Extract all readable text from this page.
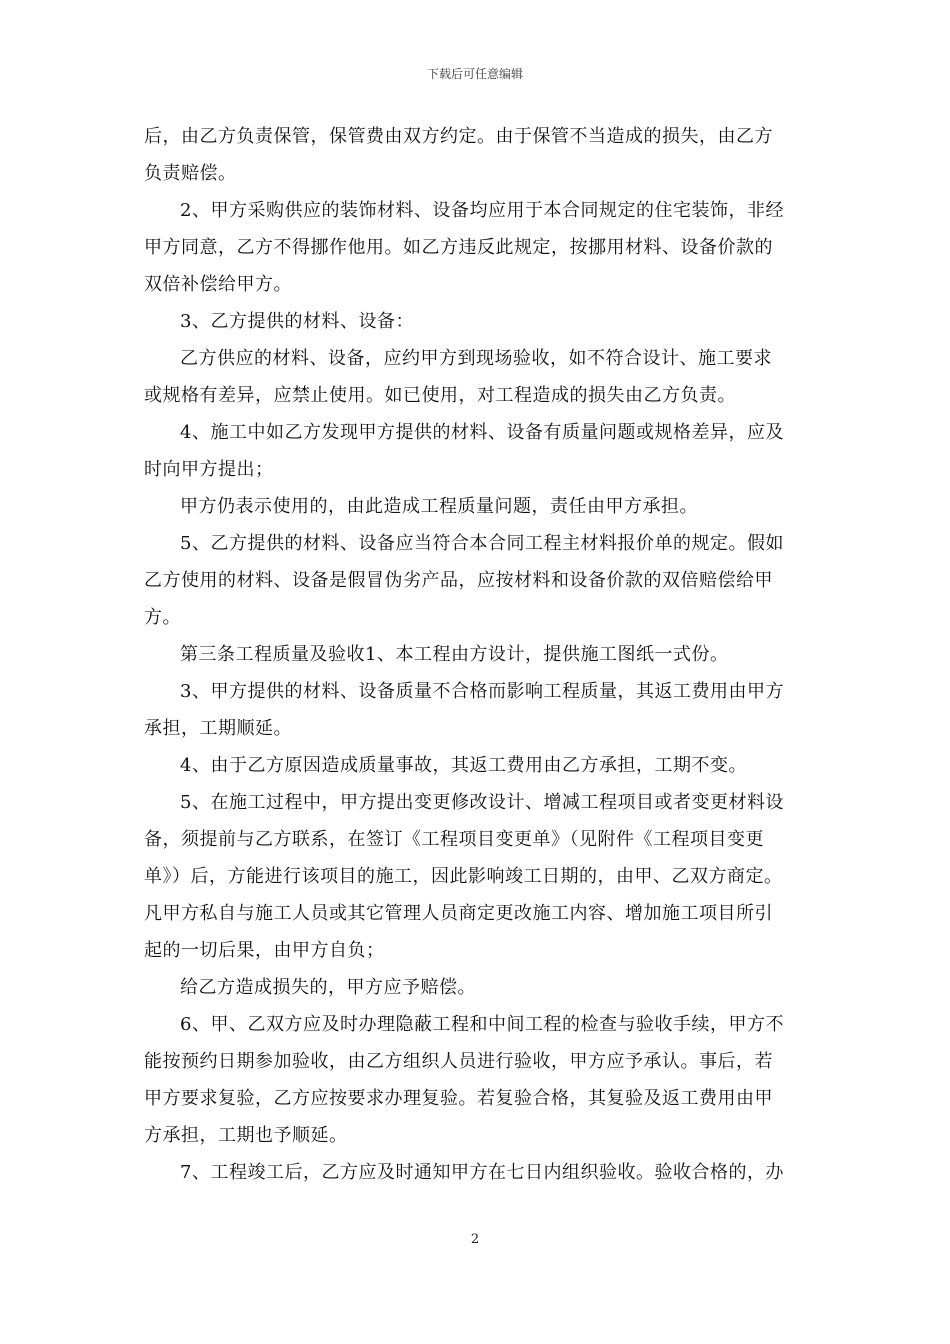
下载后可任意编辑

后，由乙方负责保管，保管费由双方约定。由于保管不当造成的损失，由乙方

负责赔偿。

2、甲方采购供应的装饰材料、设备均应用于本合同规定的住宅装饰，非经

甲方同意，乙方不得挪作他用。如乙方违反此规定，按挪用材料、设备价款的

双倍补偿给甲方。

3、乙方提供的材料、设备：

乙方供应的材料、设备，应约甲方到现场验收，如不符合设计、施工要求

或规格有差异，应禁止使用。如已使用，对工程造成的损失由乙方负责。

4、施工中如乙方发现甲方提供的材料、设备有质量问题或规格差异，应及

时向甲方提出；

甲方仍表示使用的，由此造成工程质量问题，责任由甲方承担。

5、乙方提供的材料、设备应当符合本合同工程主材料报价单的规定。假如

乙方使用的材料、设备是假冒伪劣产品，应按材料和设备价款的双倍赔偿给甲

方。

第三条工程质量及验收1、本工程由方设计，提供施工图纸一式份。

3、甲方提供的材料、设备质量不合格而影响工程质量，其返工费用由甲方

承担，工期顺延。

4、由于乙方原因造成质量事故，其返工费用由乙方承担，工期不变。

5、在施工过程中，甲方提出变更修改设计、增减工程项目或者变更材料设

备，须提前与乙方联系，在签订《工程项目变更单》（见附件《工程项目变更

单》）后，方能进行该项目的施工，因此影响竣工日期的，由甲、乙双方商定。

凡甲方私自与施工人员或其它管理人员商定更改施工内容、增加施工项目所引

起的一切后果，由甲方自负；

给乙方造成损失的，甲方应予赔偿。

6、甲、乙双方应及时办理隐蔽工程和中间工程的检查与验收手续，甲方不

能按预约日期参加验收，由乙方组织人员进行验收，甲方应予承认。事后，若

甲方要求复验，乙方应按要求办理复验。若复验合格，其复验及返工费用由甲

方承担，工期也予顺延。

7、工程竣工后，乙方应及时通知甲方在七日内组织验收。验收合格的，办

2
